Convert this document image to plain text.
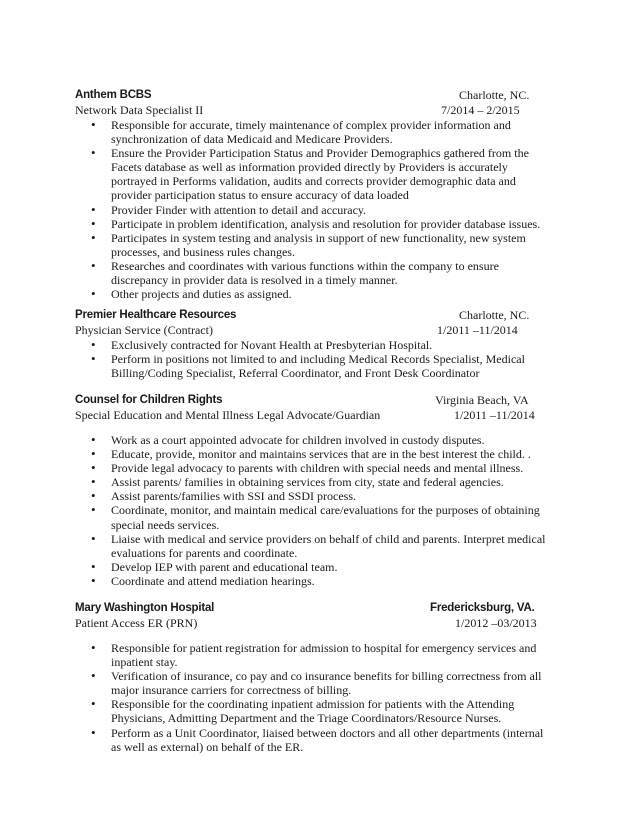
Anthem BCBS	Charlotte, NC.
Network Data Specialist II	7/2014 – 2/2015
• Responsible for accurate, timely maintenance of complex provider information and
synchronization of data Medicaid and Medicare Providers.
• Ensure the Provider Participation Status and Provider Demographics gathered from the
Facets database as well as information provided directly by Providers is accurately
portrayed in Performs validation, audits and corrects provider demographic data and
provider participation status to ensure accuracy of data loaded
• Provider Finder with attention to detail and accuracy.
• Participate in problem identification, analysis and resolution for provider database issues.
• Participates in system testing and analysis in support of new functionality, new system
processes, and business rules changes.
• Researches and coordinates with various functions within the company to ensure
discrepancy in provider data is resolved in a timely manner.
• Other projects and duties as assigned.
Premier Healthcare Resources	Charlotte, NC.
Physician Service (Contract)	1/2011 –11/2014
• Exclusively contracted for Novant Health at Presbyterian Hospital.
• Perform in positions not limited to and including Medical Records Specialist, Medical
Billing/Coding Specialist, Referral Coordinator, and Front Desk Coordinator
Counsel for Children Rights	Virginia Beach, VA
Special Education and Mental Illness Legal Advocate/Guardian	1/2011 –11/2014
• Work as a court appointed advocate for children involved in custody disputes.
• Educate, provide, monitor and maintains services that are in the best interest the child. .
• Provide legal advocacy to parents with children with special needs and mental illness.
• Assist parents/ families in obtaining services from city, state and federal agencies.
• Assist parents/families with SSI and SSDI process.
• Coordinate, monitor, and maintain medical care/evaluations for the purposes of obtaining
special needs services.
• Liaise with medical and service providers on behalf of child and parents. Interpret medical
evaluations for parents and coordinate.
• Develop IEP with parent and educational team.
• Coordinate and attend mediation hearings.
Mary Washington Hospital	Fredericksburg, VA.
Patient Access ER (PRN)	1/2012 –03/2013
• Responsible for patient registration for admission to hospital for emergency services and
inpatient stay.
• Verification of insurance, co pay and co insurance benefits for billing correctness from all
major insurance carriers for correctness of billing.
• Responsible for the coordinating inpatient admission for patients with the Attending
Physicians, Admitting Department and the Triage Coordinators/Resource Nurses.
• Perform as a Unit Coordinator, liaised between doctors and all other departments (internal
as well as external) on behalf of the ER.
